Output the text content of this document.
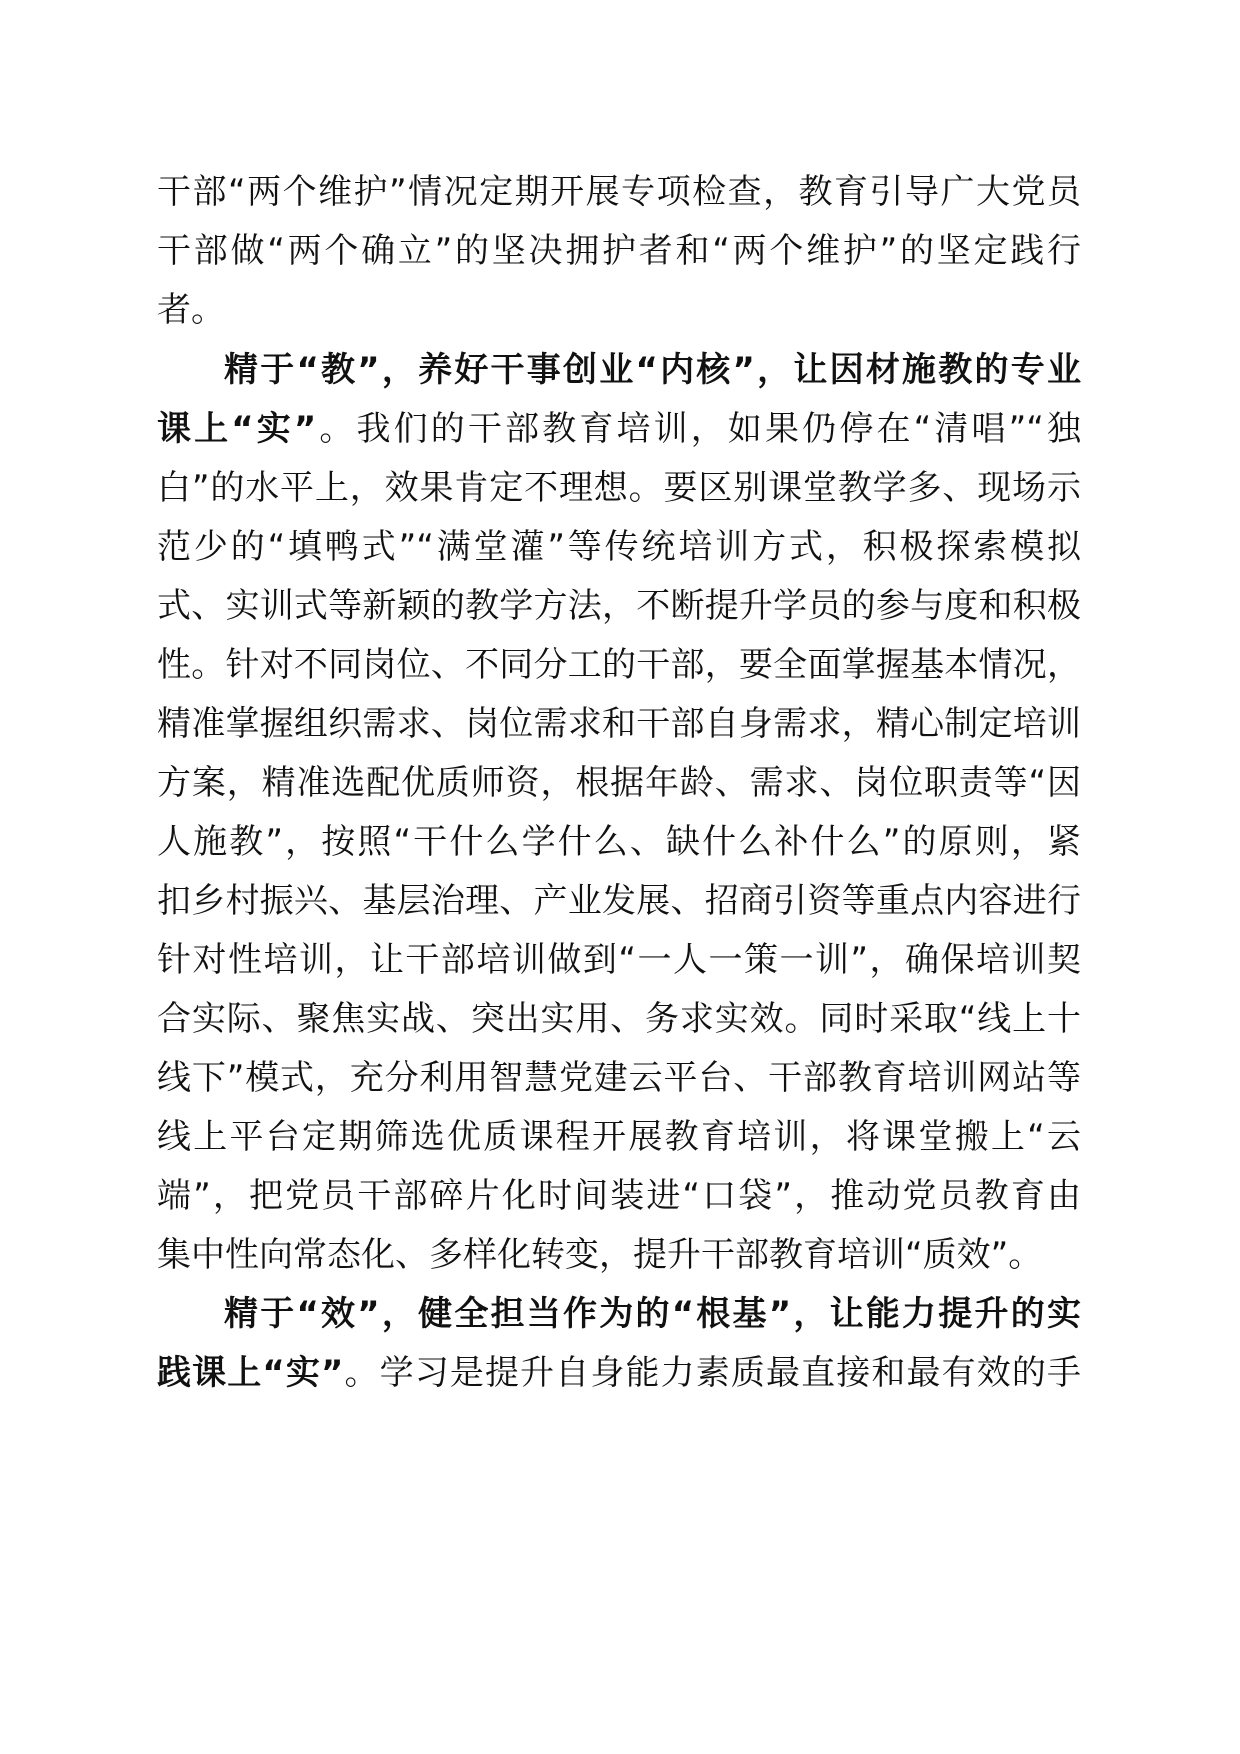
干部“两个维护”情况定期开展专项检查，教育引导广大党员
干部做“两个确立”的坚决拥护者和“两个维护”的坚定践行
者。
精于“教”，养好干事创业“内核”，让因材施教的专业
课上“实”。我们的干部教育培训，如果仍停在“清唱”“独
白”的水平上，效果肯定不理想。要区别课堂教学多、现场示
范少的“填鸭式”“满堂灌”等传统培训方式，积极探索模拟
式、实训式等新颖的教学方法，不断提升学员的参与度和积极
性。针对不同岗位、不同分工的干部，要全面掌握基本情况，
精准掌握组织需求、岗位需求和干部自身需求，精心制定培训
方案，精准选配优质师资，根据年龄、需求、岗位职责等“因
人施教”，按照“干什么学什么、缺什么补什么”的原则，紧
扣乡村振兴、基层治理、产业发展、招商引资等重点内容进行
针对性培训，让干部培训做到“一人一策一训”，确保培训契
合实际、聚焦实战、突出实用、务求实效。同时采取“线上十
线下”模式，充分利用智慧党建云平台、干部教育培训网站等
线上平台定期筛选优质课程开展教育培训，将课堂搬上“云
端”，把党员干部碎片化时间装进“口袋”，推动党员教育由
集中性向常态化、多样化转变，提升干部教育培训“质效”。
精于“效”，健全担当作为的“根基”，让能力提升的实
践课上“实”。学习是提升自身能力素质最直接和最有效的手
